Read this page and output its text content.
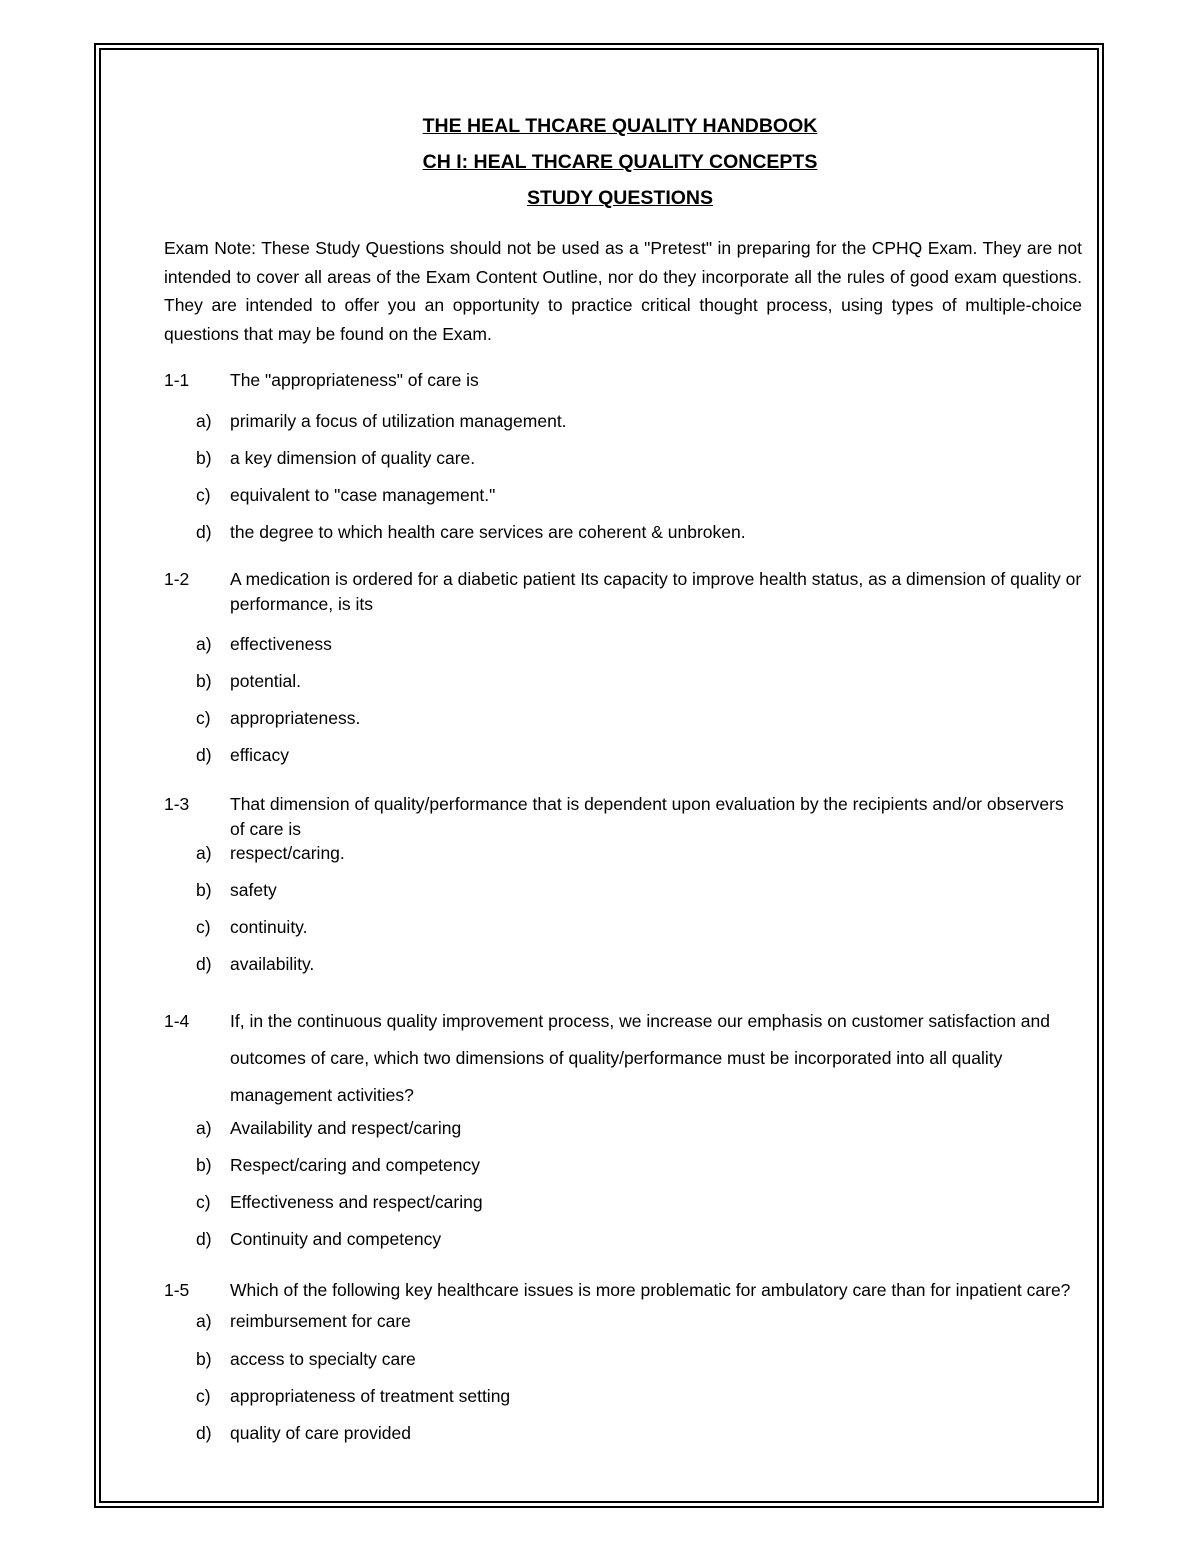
THE HEAL THCARE QUALITY HANDBOOK
CH I: HEAL THCARE QUALITY CONCEPTS
STUDY QUESTIONS
Exam Note: These Study Questions should not be used as a "Pretest" in preparing for the CPHQ Exam. They are not intended to cover all areas of the Exam Content Outline, nor do they incorporate all the rules of good exam questions. They are intended to offer you an opportunity to practice critical thought process, using types of multiple-choice questions that may be found on the Exam.
1-1	The "appropriateness" of care is
a)	primarily a focus of utilization management.
b)	a key dimension of quality care.
c)	equivalent to "case management."
d)	the degree to which health care services are coherent & unbroken.
1-2	A medication is ordered for a diabetic patient Its capacity to improve health status, as a dimension of quality or performance, is its
a)	effectiveness
b)	potential.
c)	appropriateness.
d)	efficacy
1-3	That dimension of quality/performance that is dependent upon evaluation by the recipients and/or observers of care is
a)	respect/caring.
b)	safety
c)	continuity.
d)	availability.
1-4	If, in the continuous quality improvement process, we increase our emphasis on customer satisfaction and outcomes of care, which two dimensions of quality/performance must be incorporated into all quality management activities?
a)	Availability and respect/caring
b)	Respect/caring and competency
c)	Effectiveness and respect/caring
d)	Continuity and competency
1-5	Which of the following key healthcare issues is more problematic for ambulatory care than for inpatient care?
a)	reimbursement for care
b)	access to specialty care
c)	appropriateness of treatment setting
d)	quality of care provided
